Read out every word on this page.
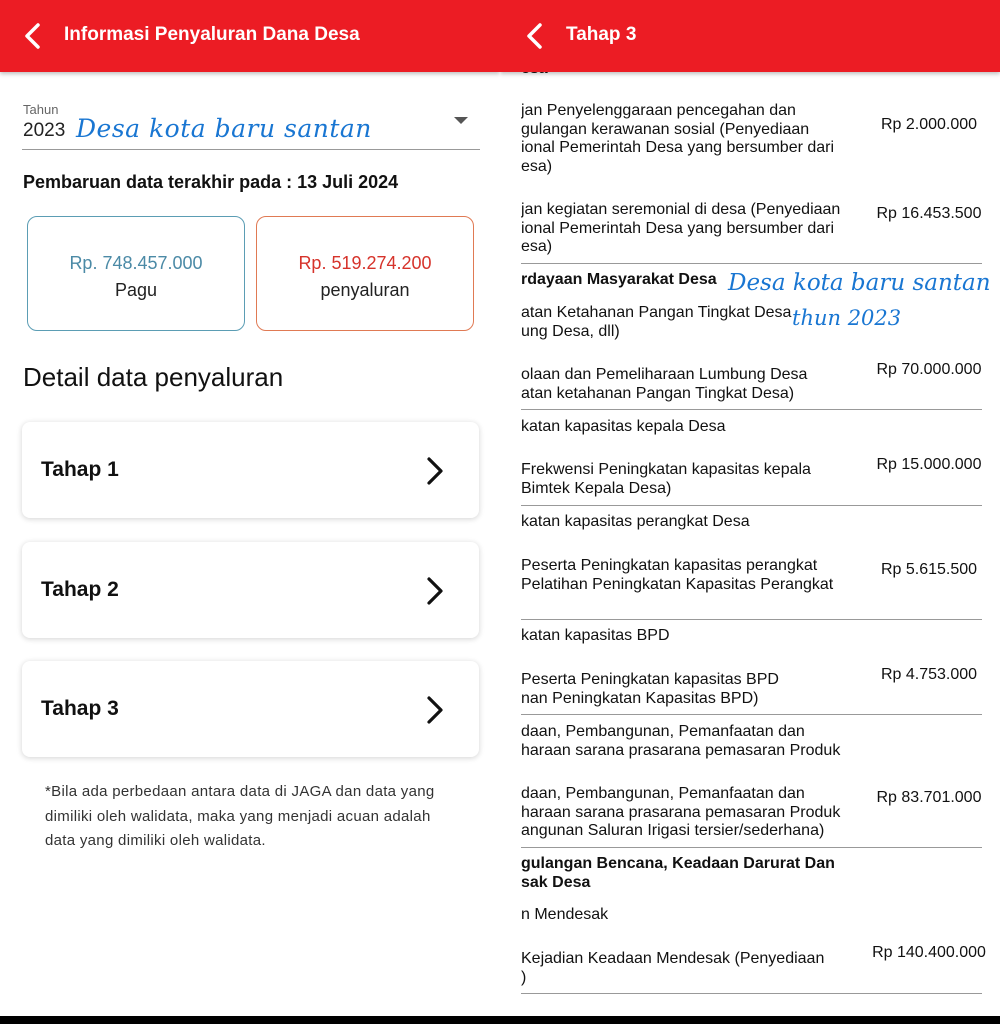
Informasi Penyaluran Dana Desa
Tahun
2023 Desa kota baru santan
Pembaruan data terakhir pada : 13 Juli 2024
Rp. 748.457.000
Pagu
Rp. 519.274.200
penyaluran
Detail data penyaluran
Tahap 1
Tahap 2
Tahap 3
*Bila ada perbedaan antara data di JAGA dan data yang dimiliki oleh walidata, maka yang menjadi acuan adalah data yang dimiliki oleh walidata.
Tahap 3
jan Penyelenggaraan pencegahan dan
gulangan kerawanan sosial (Penyediaan
ional Pemerintah Desa yang bersumber dari
esa)
Rp 2.000.000
jan kegiatan seremonial di desa (Penyediaan
ional Pemerintah Desa yang bersumber dari
esa)
Rp 16.453.500
rdayaan Masyarakat Desa
atan Ketahanan Pangan Tingkat Desa
ung Desa, dll)
olaan dan Pemeliharaan Lumbung Desa
atan ketahanan Pangan Tingkat Desa)
Rp 70.000.000
katan kapasitas kepala Desa
Frekwensi Peningkatan kapasitas kepala
Bimtek Kepala Desa)
Rp 15.000.000
katan kapasitas perangkat Desa
Peserta Peningkatan kapasitas perangkat
Pelatihan Peningkatan Kapasitas Perangkat
Rp 5.615.500
katan kapasitas BPD
Peserta Peningkatan kapasitas BPD
nan Peningkatan Kapasitas BPD)
Rp 4.753.000
daan, Pembangunan, Pemanfaatan dan
haraan sarana prasarana pemasaran Produk
daan, Pembangunan, Pemanfaatan dan
haraan sarana prasarana pemasaran Produk
angunan Saluran Irigasi tersier/sederhana)
Rp 83.701.000
gulangan Bencana, Keadaan Darurat Dan
sak Desa
n Mendesak
Kejadian Keadaan Mendesak (Penyediaan
)
Rp 140.400.000
Desa kota baru santan
thun 2023
